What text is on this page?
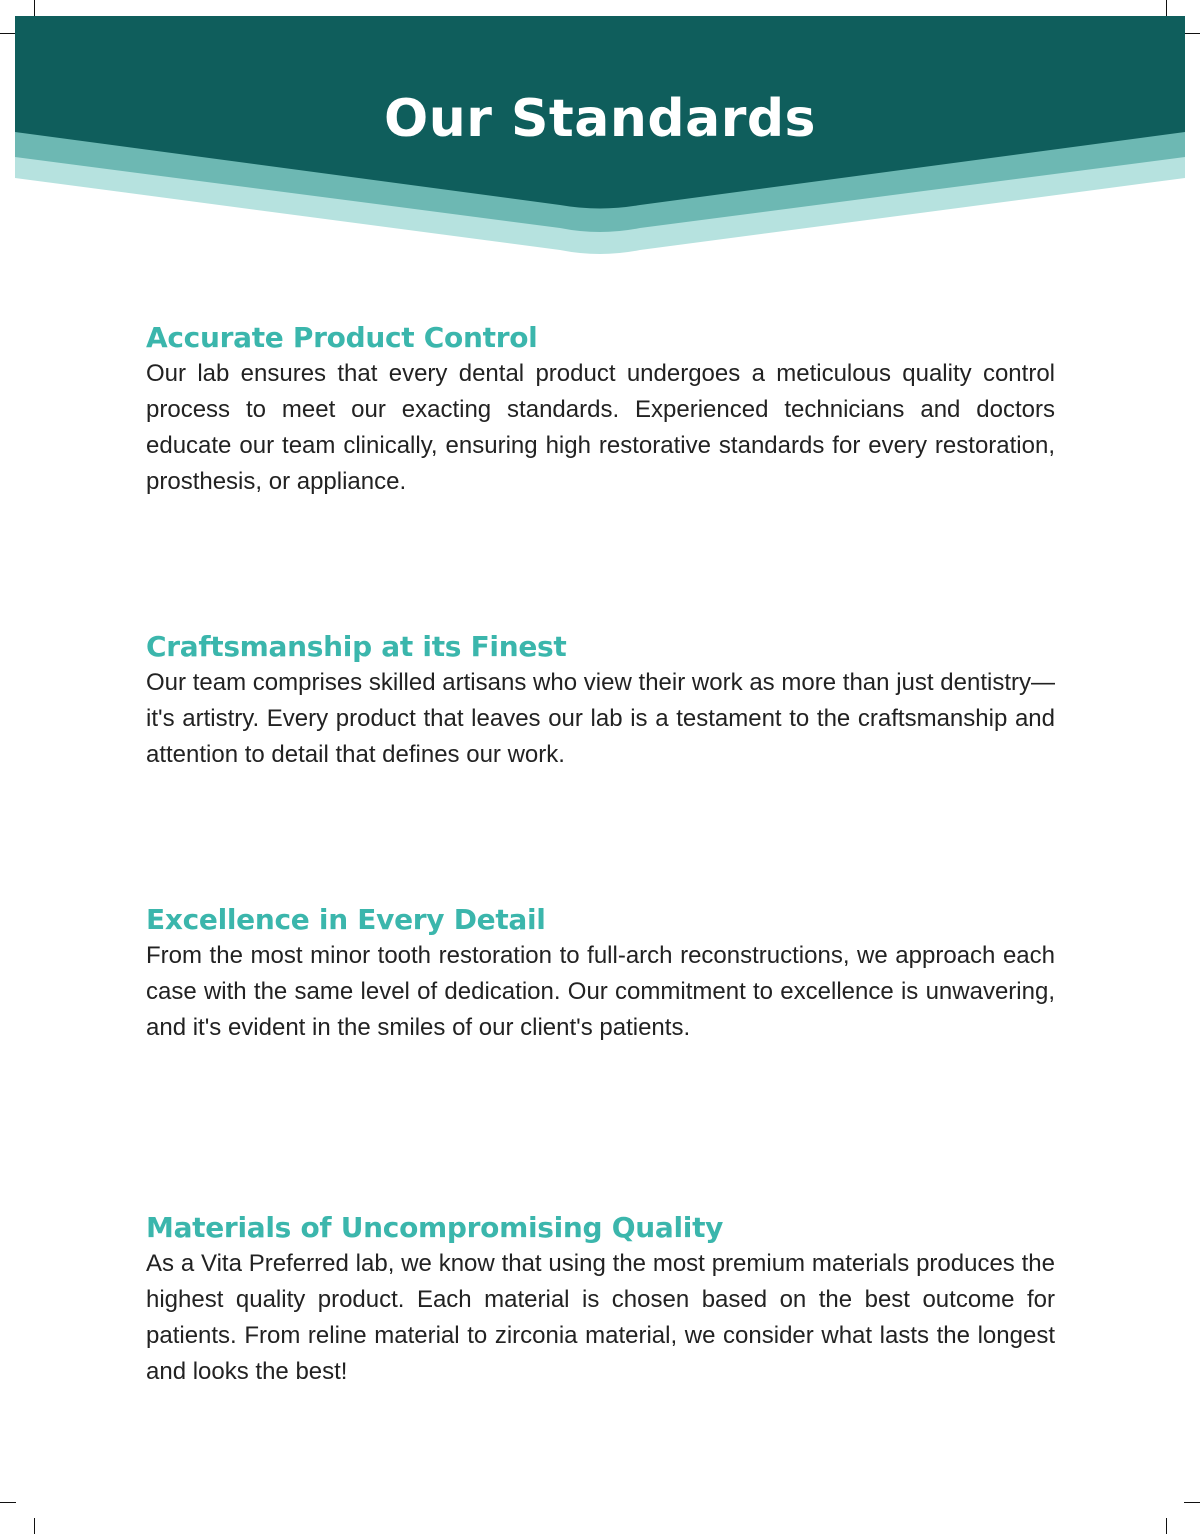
Our Standards
Accurate Product Control

Our lab ensures that every dental product undergoes a meticulous quality control process to meet our exacting standards. Experienced technicians and doctors educate our team clinically, ensuring high restorative standards for every restoration, prosthesis, or appliance.

Craftsmanship at its Finest

Our team comprises skilled artisans who view their work as more than just dentistry—it's artistry. Every product that leaves our lab is a testament to the craftsmanship and attention to detail that defines our work.

Excellence in Every Detail

From the most minor tooth restoration to full-arch reconstructions, we approach each case with the same level of dedication. Our commitment to excellence is unwavering, and it's evident in the smiles of our client's patients.

Materials of Uncompromising Quality

As a Vita Preferred lab, we know that using the most premium materials produces the highest quality product. Each material is chosen based on the best outcome for patients. From reline material to zirconia material, we consider what lasts the longest and looks the best!
